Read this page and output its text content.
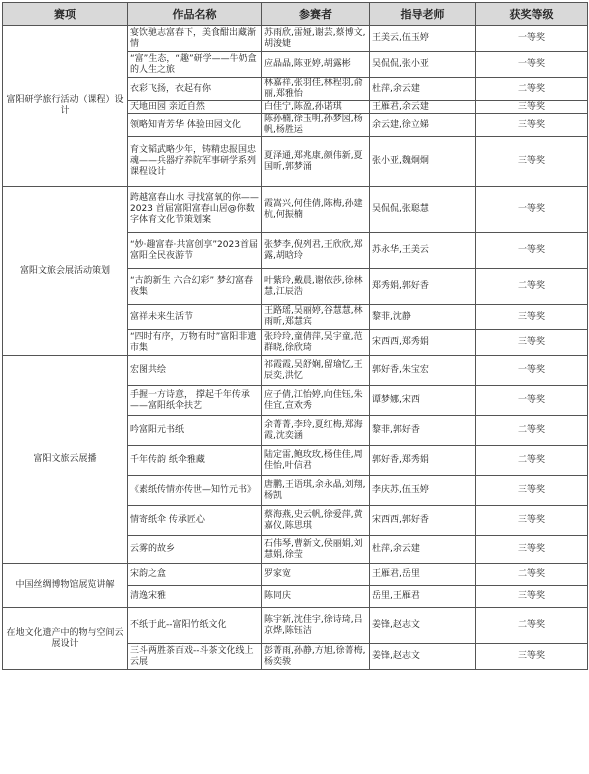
赛项	作品名称	参赛者	指导老师	获奖等级
富阳研学旅行活动（课程）设计	宴饮驰志富春下，美食酣出藏渐情	苏雨欣,雷娅,谢芸,蔡博文,胡浚婕	王美云,伍玉婷	一等奖
	“富”生态，“趣”研学——牛奶盒的人生之旅	应晶晶,陈亚婷,胡露彬	吴侃侃,张小亚	一等奖
	衣彩飞扬，衣起有你	林嘉祥,张羽佳,林程羽,俞丽,郑雅怡	杜萍,余云建	二等奖
	天地田园 亲近自然	白佳宁,陈盈,孙诺琪	王雁君,余云建	三等奖
	领略知青芳华 体验田园文化	陈孙楠,徐玉明,孙梦园,杨帆,杨胜运	余云建,徐立娣	三等奖
	育文韬武略少年，铸精忠报国忠魂——兵器疗养院军事研学系列课程设计	夏泽通,郑兆康,颜伟新,夏国昕,郭梦涌	张小亚,魏炯炯	三等奖
富阳文旅会展活动策划	跨越富春山水 寻找富氧的你——2023 首届富阳富春山居@你数字体育文化节策划案	霞嵩兴,何佳倩,陈梅,孙建杭,何振楠	吴侃侃,张聪慧	一等奖
	“妙·趣富春·共富创享”2023首届富阳全民夜游节	张梦李,倪列君,王欣欣,郑露,胡晗玲	苏永华,王美云	一等奖
	“古韵新生 六合幻彩” 梦幻富春夜集	叶紫玲,戴晨,谢依莎,徐林慧,江辰浩	郑秀娟,郭好香	二等奖
	富祥未来生活节	王路瑶,吴丽婷,谷慧慧,林雨昕,郑慧宾	黎菲,沈静	三等奖
	“四时有序，万物有时”富阳非遗市集	张玲玲,童倩萍,吴宇童,范群晓,徐欣琦	宋西西,郑秀娟	三等奖
富阳文旅云展播	宏图共绘	祁霞霞,吴舒娴,留瑜忆,王辰奕,洪忆	郭好香,朱宝宏	一等奖
	手握一方诗意， 撑起千年传承 ——富阳纸伞扶艺	应子倩,江怡婷,向佳钰,朱佳宜,宣欢秀	谭梦娜,宋西	一等奖
	吟富阳元书纸	余菁菁,李玲,夏红梅,郑海霞,沈奕涵	黎菲,郭好香	二等奖
	千年传韵 纸伞雅藏	陆定雷,鲍玫玫,杨佳佳,周佳怡,叶信君	郭好香,郑秀娟	二等奖
	《素纸传情亦传世—知竹元书》	唐鹏,王语琪,余永晶,刘翔,杨凯	李庆苏,伍玉婷	三等奖
	情寄纸伞 传承匠心	蔡海燕,史云帆,徐爱萍,黄嘉仪,陈思琪	宋西西,郭好香	三等奖
	云雾的故乡	石伟琴,曹新文,侯丽娟,刘慧娟,徐莹	杜萍,余云建	三等奖
中国丝绸博物馆展览讲解	宋韵之盒	罗家宽	王雁君,岳里	二等奖
	清逸宋雅	陈同庆	岳里,王雁君	三等奖
在地文化遗产中的物与空间云展设计	不纸于此--富阳竹纸文化	陈宇新,沈佳宇,徐诗琦,吕京烨,陈钰洁	姜锋,赵志文	二等奖
	三斗两胜茶百戏--斗茶文化线上云展	彭菁雨,孙静,方旭,徐菁梅,杨奕骏	姜锋,赵志文	三等奖
